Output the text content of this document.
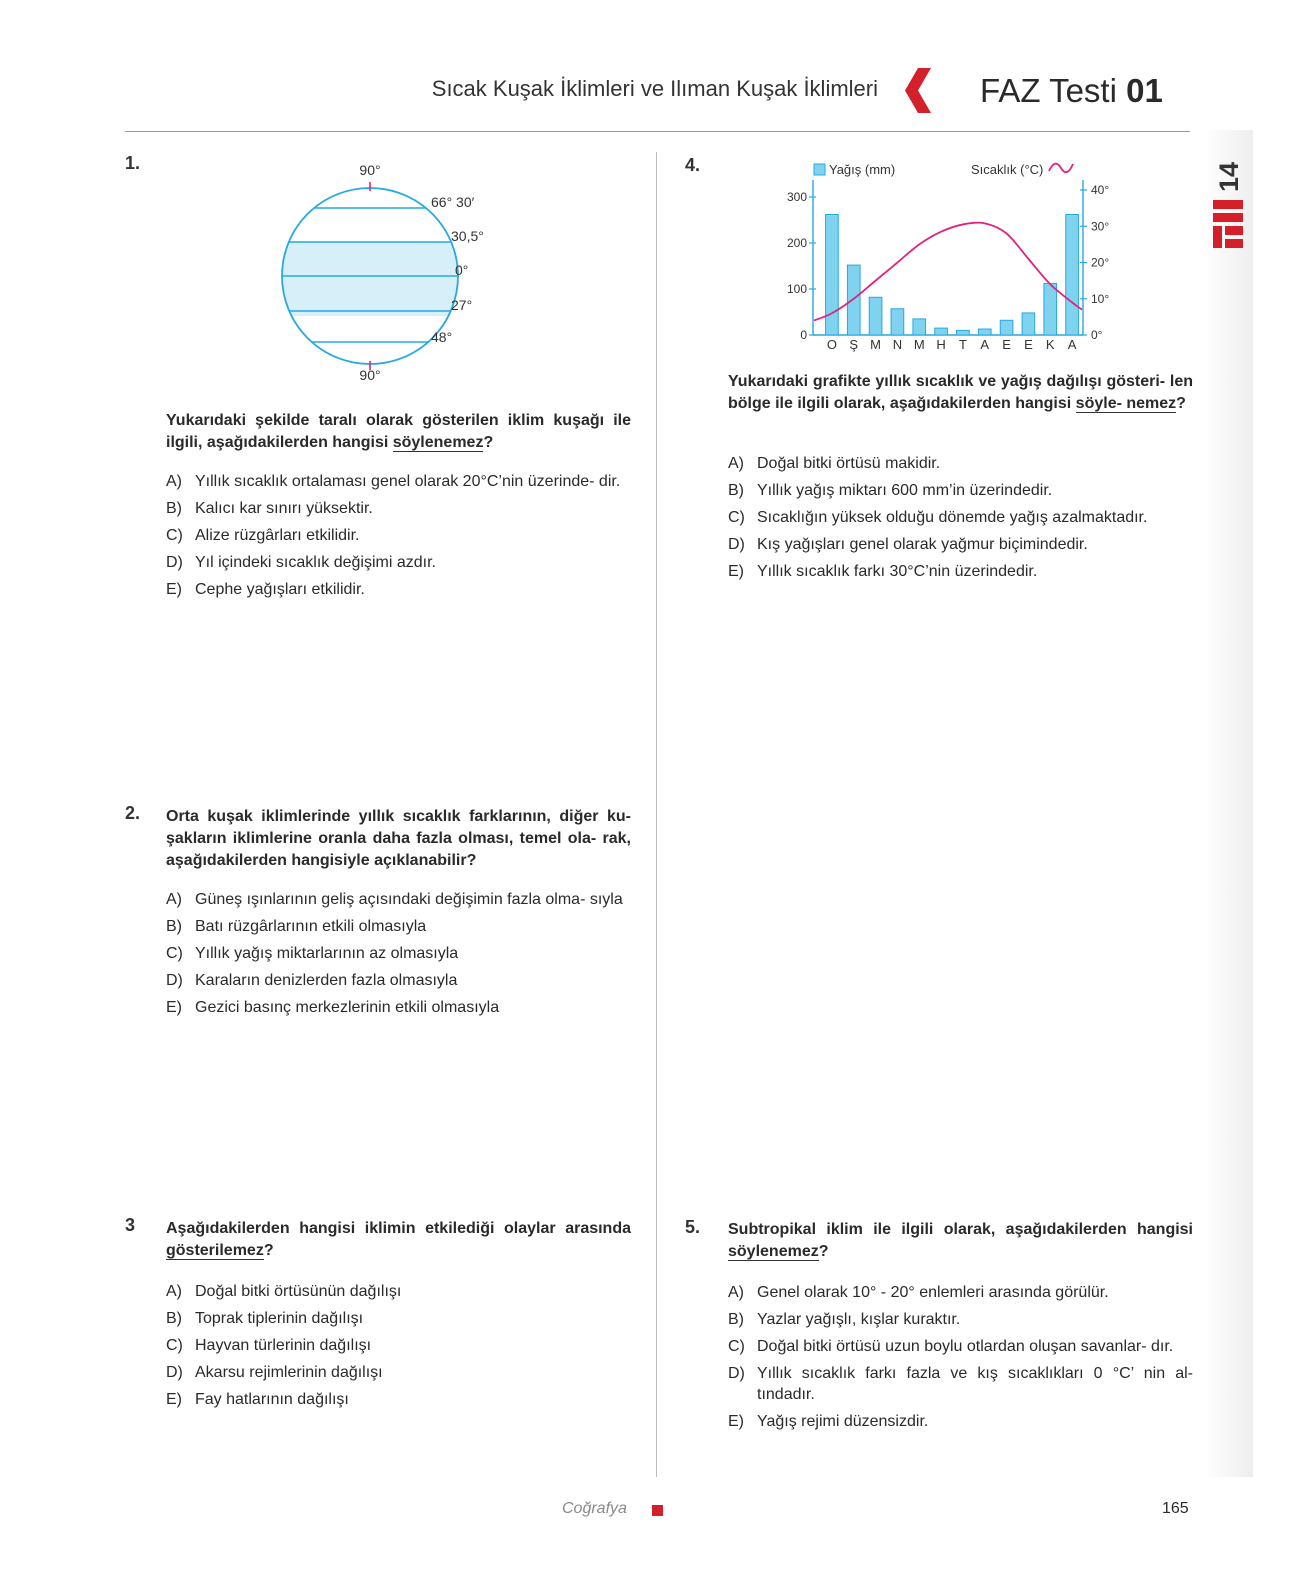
Sıcak Kuşak İklimleri ve Ilıman Kuşak İklimleri	FAZ Testi 01
14
1.	90°
66° 30′
30,5°
0°
27°
48°
90°
Yukarıdaki şekilde taralı olarak gösterilen iklim kuşağı ile ilgili, aşağıdakilerden hangisi söylenemez?
A) Yıllık sıcaklık ortalaması genel olarak 20°C’nin üzerinde- dir.
B) Kalıcı kar sınırı yüksektir.
C) Alize rüzgârları etkilidir.
D) Yıl içindeki sıcaklık değişimi azdır.
E) Cephe yağışları etkilidir.
2. Orta kuşak iklimlerinde yıllık sıcaklık farklarının, diğer ku- şakların iklimlerine oranla daha fazla olması, temel ola- rak, aşağıdakilerden hangisiyle açıklanabilir?
A) Güneş ışınlarının geliş açısındaki değişimin fazla olma- sıyla
B) Batı rüzgârlarının etkili olmasıyla
C) Yıllık yağış miktarlarının az olmasıyla
D) Karaların denizlerden fazla olmasıyla
E) Gezici basınç merkezlerinin etkili olmasıyla
3 Aşağıdakilerden hangisi iklimin etkilediği olaylar arasında gösterilemez?
A) Doğal bitki örtüsünün dağılışı
B) Toprak tiplerinin dağılışı
C) Hayvan türlerinin dağılışı
D) Akarsu rejimlerinin dağılışı
E) Fay hatlarının dağılışı
4.	Yağış (mm)	Sıcaklık (°C)
O Ş M N M H T A E E K A
0
100
200
300
0°
10°
20°
30°
40°
Yukarıdaki grafikte yıllık sıcaklık ve yağış dağılışı gösteri- len bölge ile ilgili olarak, aşağıdakilerden hangisi söyle- nemez?
A) Doğal bitki örtüsü makidir.
B) Yıllık yağış miktarı 600 mm’in üzerindedir.
C) Sıcaklığın yüksek olduğu dönemde yağış azalmaktadır.
D) Kış yağışları genel olarak yağmur biçimindedir.
E) Yıllık sıcaklık farkı 30°C’nin üzerindedir.
5. Subtropikal iklim ile ilgili olarak, aşağıdakilerden hangisi söylenemez?
A) Genel olarak 10° - 20° enlemleri arasında görülür.
B) Yazlar yağışlı, kışlar kuraktır.
C) Doğal bitki örtüsü uzun boylu otlardan oluşan savanlar- dır.
D) Yıllık sıcaklık farkı fazla ve kış sıcaklıkları 0 °C’ nin al- tındadır.
E) Yağış rejimi düzensizdir.
Coğrafya	165
